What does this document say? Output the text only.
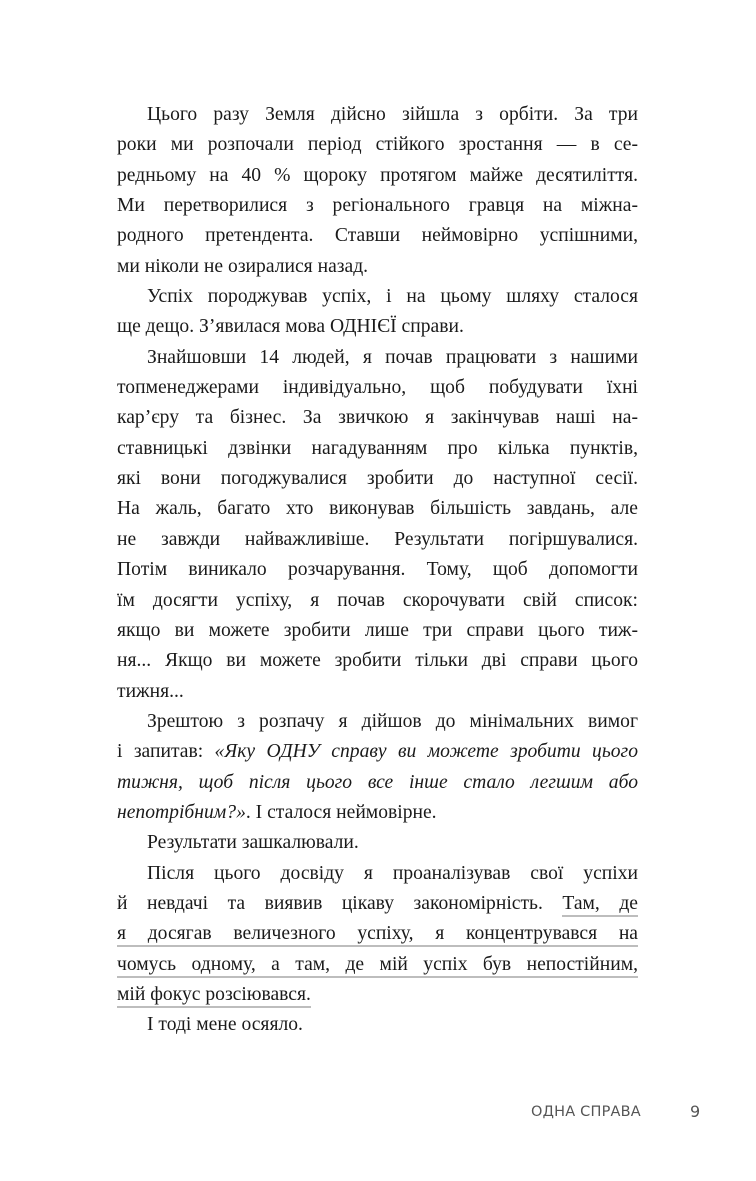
Цього разу Земля дійсно зійшла з орбіти. За три
роки ми розпочали період стійкого зростання — в се-
редньому на 40 % щороку протягом майже десятиліття.
Ми перетворилися з регіонального гравця на міжна-
родного претендента. Ставши неймовірно успішними,
ми ніколи не озиралися назад.
Успіх породжував успіх, і на цьому шляху сталося
ще дещо. З’явилася мова ОДНІЄЇ справи.
Знайшовши 14 людей, я почав працювати з нашими
топменеджерами індивідуально, щоб побудувати їхні
кар’єру та бізнес. За звичкою я закінчував наші на-
ставницькі дзвінки нагадуванням про кілька пунктів,
які вони погоджувалися зробити до наступної сесії.
На жаль, багато хто виконував більшість завдань, але
не завжди найважливіше. Результати погіршувалися.
Потім виникало розчарування. Тому, щоб допомогти
їм досягти успіху, я почав скорочувати свій список:
якщо ви можете зробити лише три справи цього тиж-
ня... Якщо ви можете зробити тільки дві справи цього
тижня...
Зрештою з розпачу я дійшов до мінімальних вимог
і запитав: «Яку ОДНУ справу ви можете зробити цього
тижня, щоб після цього все інше стало легшим або
непотрібним?». І сталося неймовірне.
Результати зашкалювали.
Після цього досвіду я проаналізував свої успіхи
й невдачі та виявив цікаву закономірність. Там, де
я досягав величезного успіху, я концентрувався на
чомусь одному, а там, де мій успіх був непостійним,
мій фокус розсіювався.
І тоді мене осяяло.
ОДНА СПРАВА	9
